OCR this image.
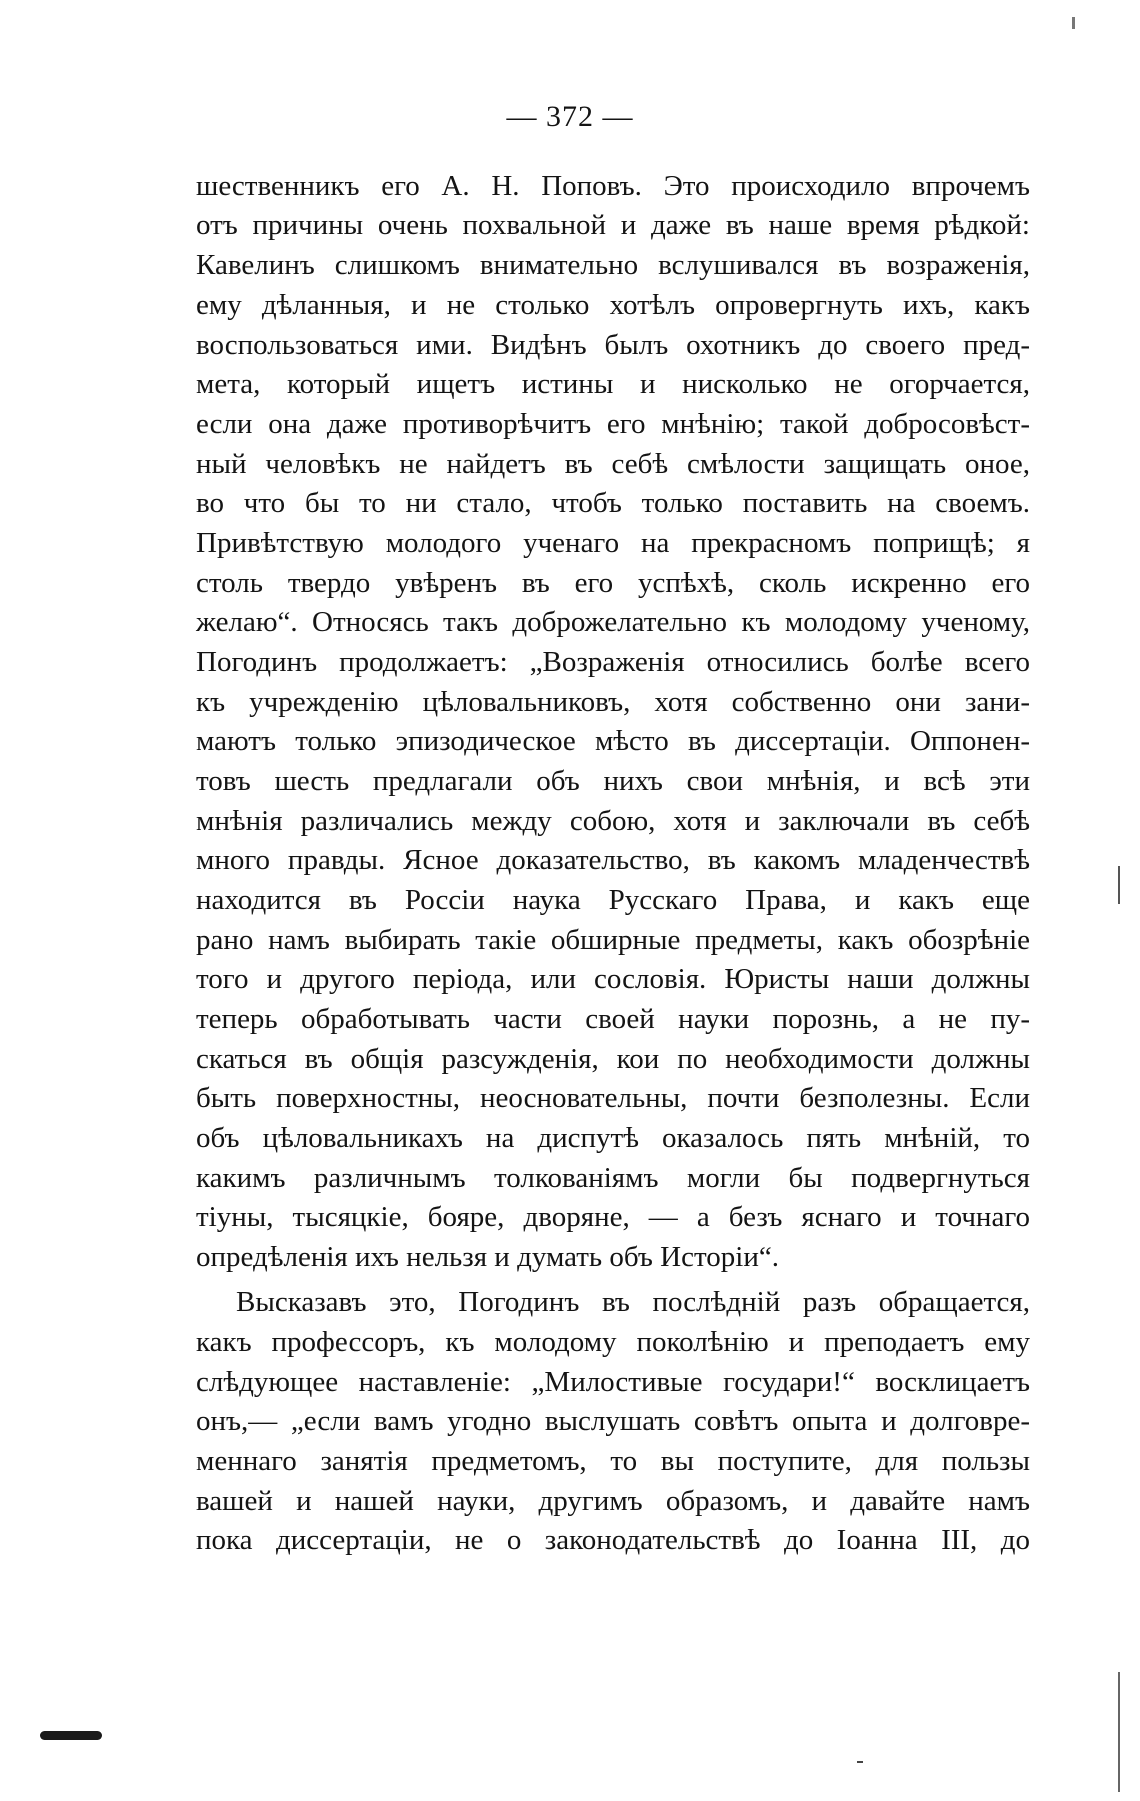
— 372 —
шественникъ его А. Н. Поповъ. Это происходило впрочемъ
отъ причины очень похвальной и даже въ наше время рѣдкой:
Кавелинъ слишкомъ внимательно вслушивался въ возраженія,
ему дѣланныя, и не столько хотѣлъ опровергнуть ихъ, какъ
воспользоваться ими. Видѣнъ былъ охотникъ до своего пред-
мета, который ищетъ истины и нисколько не огорчается,
если она даже противорѣчитъ его мнѣнію; такой добросовѣст-
ный человѣкъ не найдетъ въ себѣ смѣлости защищать оное,
во что бы то ни стало, чтобъ только поставить на своемъ.
Привѣтствую молодого ученаго на прекрасномъ поприщѣ; я
столь твердо увѣренъ въ его успѣхѣ, сколь искренно его
желаю“. Относясь такъ доброжелательно къ молодому ученому,
Погодинъ продолжаетъ: „Возраженія относились болѣе всего
къ учрежденію цѣловальниковъ, хотя собственно они зани-
маютъ только эпизодическое мѣсто въ диссертаціи. Оппонен-
товъ шесть предлагали объ нихъ свои мнѣнія, и всѣ эти
мнѣнія различались между собою, хотя и заключали въ себѣ
много правды. Ясное доказательство, въ какомъ младенчествѣ
находится въ Россіи наука Русскаго Права, и какъ еще
рано намъ выбирать такіе обширные предметы, какъ обозрѣніе
того и другого періода, или сословія. Юристы наши должны
теперь обработывать части своей науки порознь, а не пу-
скаться въ общія разсужденія, кои по необходимости должны
быть поверхностны, неосновательны, почти безполезны. Если
объ цѣловальникахъ на диспутѣ оказалось пять мнѣній, то
какимъ различнымъ толкованіямъ могли бы подвергнуться
тіуны, тысяцкіе, бояре, дворяне, — а безъ яснаго и точнаго
опредѣленія ихъ нельзя и думать объ Исторіи“.
Высказавъ это, Погодинъ въ послѣдній разъ обращается,
какъ профессоръ, къ молодому поколѣнію и преподаетъ ему
слѣдующее наставленіе: „Милостивые государи!“ восклицаетъ
онъ,— „если вамъ угодно выслушать совѣтъ опыта и долговре-
меннаго занятія предметомъ, то вы поступите, для пользы
вашей и нашей науки, другимъ образомъ, и давайте намъ
пока диссертаціи, не о законодательствѣ до Іоанна III, до
